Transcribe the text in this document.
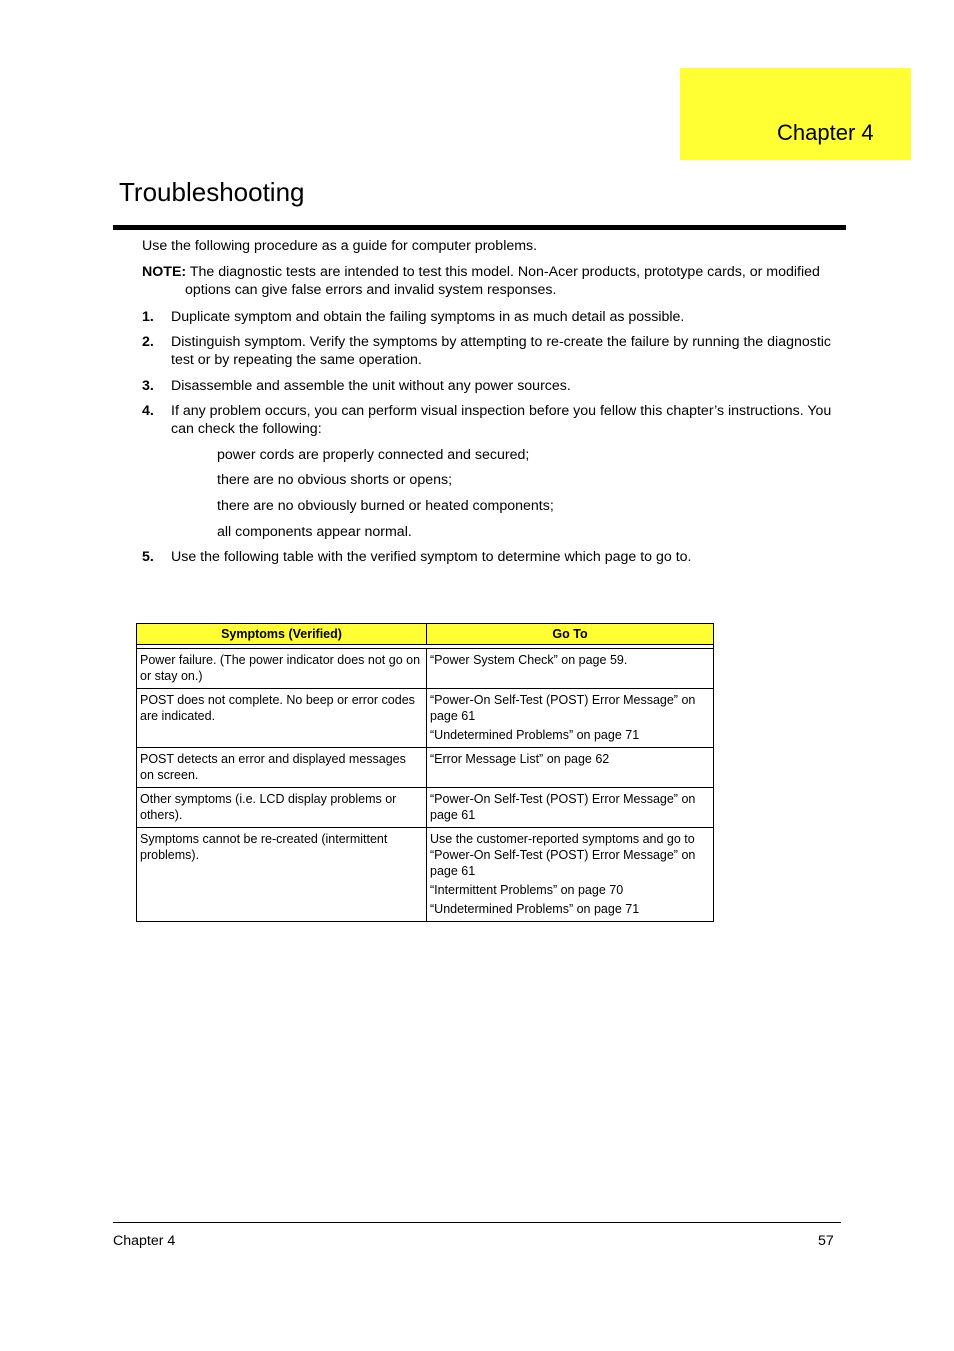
Chapter 4
Troubleshooting
Use the following procedure as a guide for computer problems.
NOTE: The diagnostic tests are intended to test this model. Non-Acer products, prototype cards, or modified
options can give false errors and invalid system responses.
1.	Duplicate symptom and obtain the failing symptoms in as much detail as possible.
2.	Distinguish symptom. Verify the symptoms by attempting to re-create the failure by running the diagnostic test or by repeating the same operation.
3.	Disassemble and assemble the unit without any power sources.
4.	If any problem occurs, you can perform visual inspection before you fellow this chapter’s instructions. You can check the following:
power cords are properly connected and secured;
there are no obvious shorts or opens;
there are no obviously burned or heated components;
all components appear normal.
5.	Use the following table with the verified symptom to determine which page to go to.
Symptoms (Verified)	Go To

Power failure. (The power indicator does not go on or stay on.)	“Power System Check” on page 59.

POST does not complete. No beep or error codes are indicated.	“Power-On Self-Test (POST) Error Message” on page 61
“Undetermined Problems” on page 71

POST detects an error and displayed messages on screen.	“Error Message List” on page 62

Other symptoms (i.e. LCD display problems or others).	“Power-On Self-Test (POST) Error Message” on page 61

Symptoms cannot be re-created (intermittent problems).	Use the customer-reported symptoms and go to “Power-On Self-Test (POST) Error Message” on page 61
“Intermittent Problems” on page 70
“Undetermined Problems” on page 71
Chapter 4	57
